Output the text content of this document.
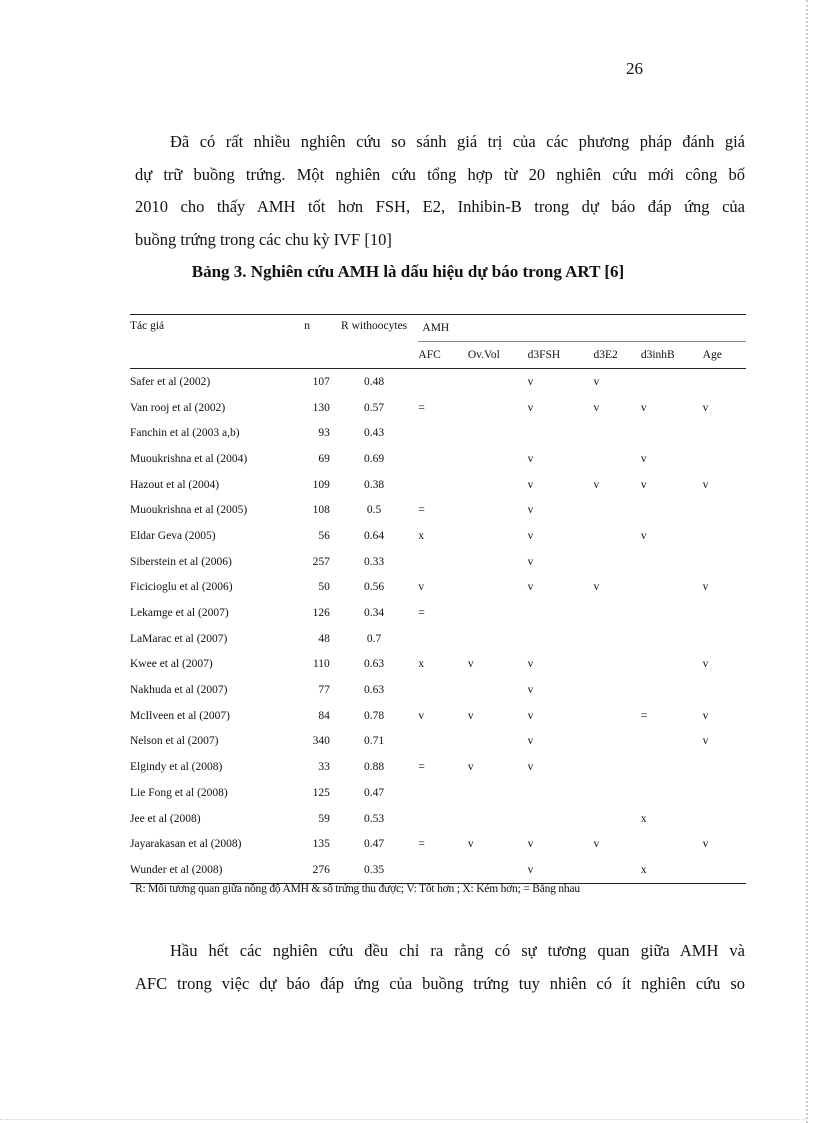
26

Đã có rất nhiều nghiên cứu so sánh giá trị của các phương pháp đánh giá
dự trữ buồng trứng. Một nghiên cứu tổng hợp từ 20 nghiên cứu mới công bố
2010 cho thấy AMH tốt hơn FSH, E2, Inhibin-B trong dự báo đáp ứng của
buồng trứng trong các chu kỳ IVF [10]

Bảng 3. Nghiên cứu AMH là dấu hiệu dự báo trong ART [6]
Tác giả	n	R withoocytes	AMH					
			AFC	Ov.Vol	d3FSH	d3E2	d3inhB	Age
Safer et al (2002)	107	0.48			v	v		
Van rooj et al (2002)	130	0.57	=		v	v	v	v
Fanchin et al (2003 a,b)	93	0.43						
Muoukrishna et al (2004)	69	0.69			v		v	
Hazout et al (2004)	109	0.38			v	v	v	v
Muoukrishna et al (2005)	108	0.5	=		v			
Eldar Geva (2005)	56	0.64	x		v		v	
Siberstein et al (2006)	257	0.33			v			
Ficicioglu et al (2006)	50	0.56	v		v	v		v
Lekamge et al (2007)	126	0.34	=					
LaMarac et al (2007)	48	0.7						
Kwee et al (2007)	110	0.63	x	v	v			v
Nakhuda et al (2007)	77	0.63			v			
McIlveen et al (2007)	84	0.78	v	v	v		=	v
Nelson et al (2007)	340	0.71			v			v
Elgindy et al (2008)	33	0.88	=	v	v			
Lie Fong et al (2008)	125	0.47						
Jee et al (2008)	59	0.53					x	
Jayarakasan et al (2008)	135	0.47	=	v	v	v		v
Wunder et al (2008)	276	0.35			v		x	
R: Mối tương quan giữa nồng độ AMH & số trứng thu được; V: Tốt hơn ; X: Kém hơn; = Bằng nhau

Hầu hết các nghiên cứu đều chỉ ra rằng có sự tương quan giữa AMH và
AFC trong việc dự báo đáp ứng của buồng trứng tuy nhiên có ít nghiên cứu so
